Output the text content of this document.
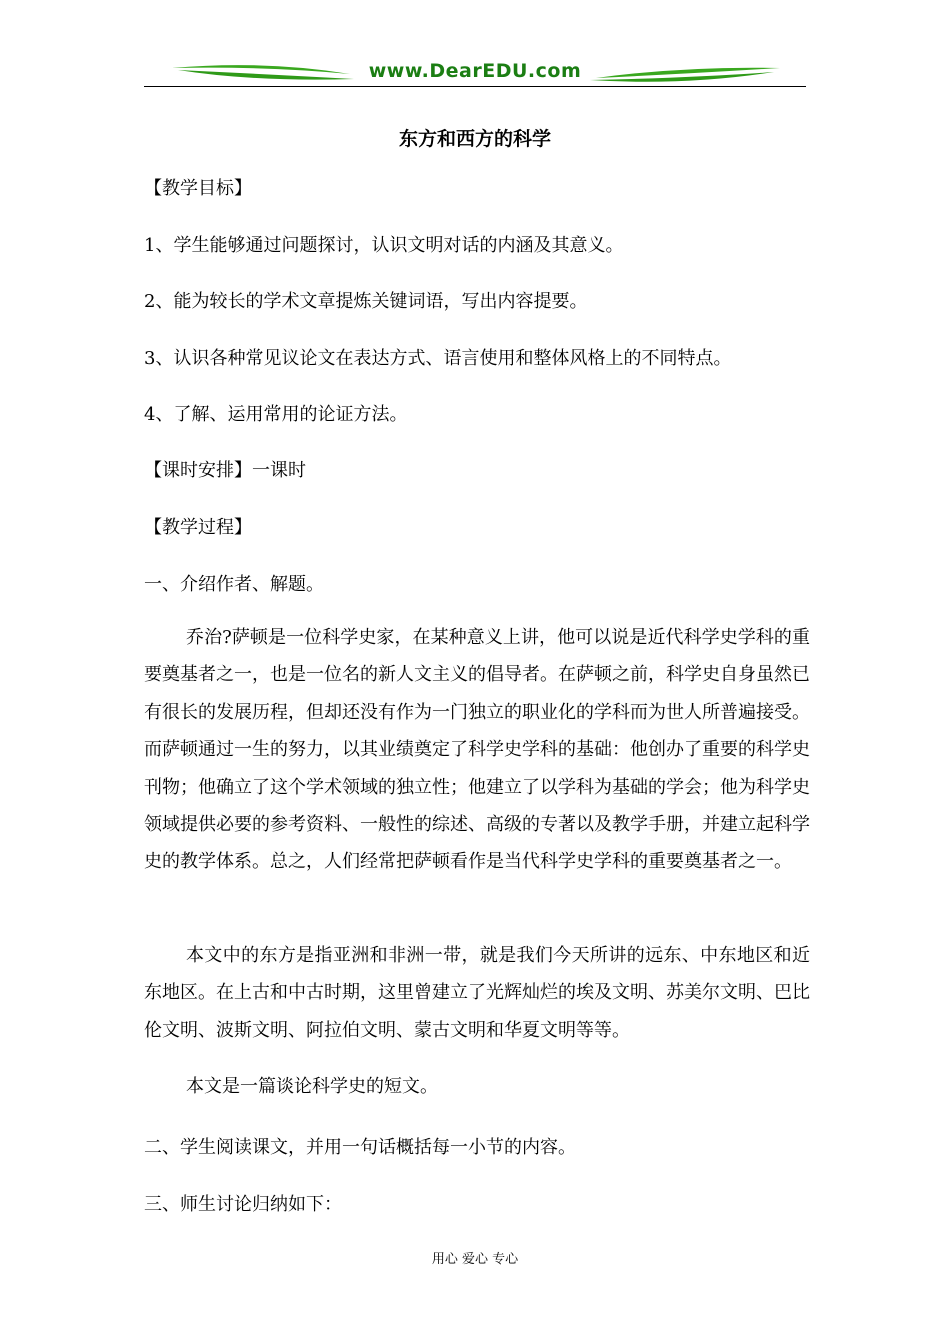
www.DearEDU.com
东方和西方的科学
【教学目标】
1、学生能够通过问题探讨，认识文明对话的内涵及其意义。
2、能为较长的学术文章提炼关键词语，写出内容提要。
3、认识各种常见议论文在表达方式、语言使用和整体风格上的不同特点。
4、了解、运用常用的论证方法。
【课时安排】一课时
【教学过程】
一、介绍作者、解题。
乔治?萨顿是一位科学史家，在某种意义上讲，他可以说是近代科学史学科的重要奠基者之一，也是一位名的新人文主义的倡导者。在萨顿之前，科学史自身虽然已有很长的发展历程，但却还没有作为一门独立的职业化的学科而为世人所普遍接受。而萨顿通过一生的努力，以其业绩奠定了科学史学科的基础：他创办了重要的科学史刊物；他确立了这个学术领域的独立性；他建立了以学科为基础的学会；他为科学史领域提供必要的参考资料、一般性的综述、高级的专著以及教学手册，并建立起科学史的教学体系。总之，人们经常把萨顿看作是当代科学史学科的重要奠基者之一。
本文中的东方是指亚洲和非洲一带，就是我们今天所讲的远东、中东地区和近东地区。在上古和中古时期，这里曾建立了光辉灿烂的埃及文明、苏美尔文明、巴比伦文明、波斯文明、阿拉伯文明、蒙古文明和华夏文明等等。
本文是一篇谈论科学史的短文。
二、学生阅读课文，并用一句话概括每一小节的内容。
三、师生讨论归纳如下：
用心 爱心 专心
